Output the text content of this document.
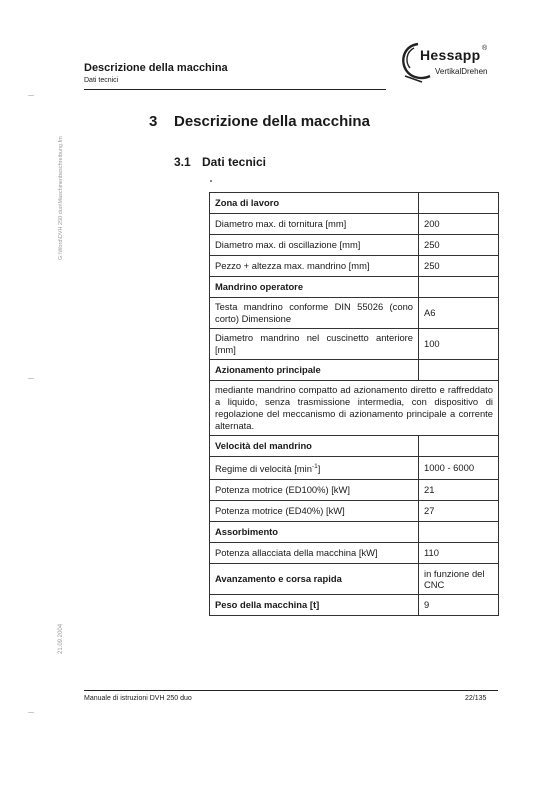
Descrizione della macchina
Dati tecnici
Hessapp ®
VertikalDrehen
G:\Word\DVH 250 duo\Maschinenbeschreibung.fm
21.09.2004
3 Descrizione della macchina
3.1 Dati tecnici
Zona di lavoro	
Diametro max. di tornitura [mm]	200
Diametro max. di oscillazione [mm]	250
Pezzo + altezza max. mandrino [mm]	250
Mandrino operatore	
Testa mandrino conforme DIN 55026 (cono corto) Dimensione	A6
Diametro mandrino nel cuscinetto anteriore [mm]	100
Azionamento principale	
mediante mandrino compatto ad azionamento diretto e raffreddato a liquido, senza trasmissione intermedia, con dispositivo di regolazione del meccanismo di azionamento principale a corrente alternata.	
Velocità del mandrino	
Regime di velocità $[\min^{-1}]$	1000 - 6000
Potenza motrice (ED100%) [kW]	21
Potenza motrice (ED40%) [kW]	27
Assorbimento	
Potenza allacciata della macchina [kW]	110
Avanzamento e corsa rapida	in funzione del CNC
Peso della macchina [t]	9
Manuale di istruzioni DVH 250 duo	22/135
